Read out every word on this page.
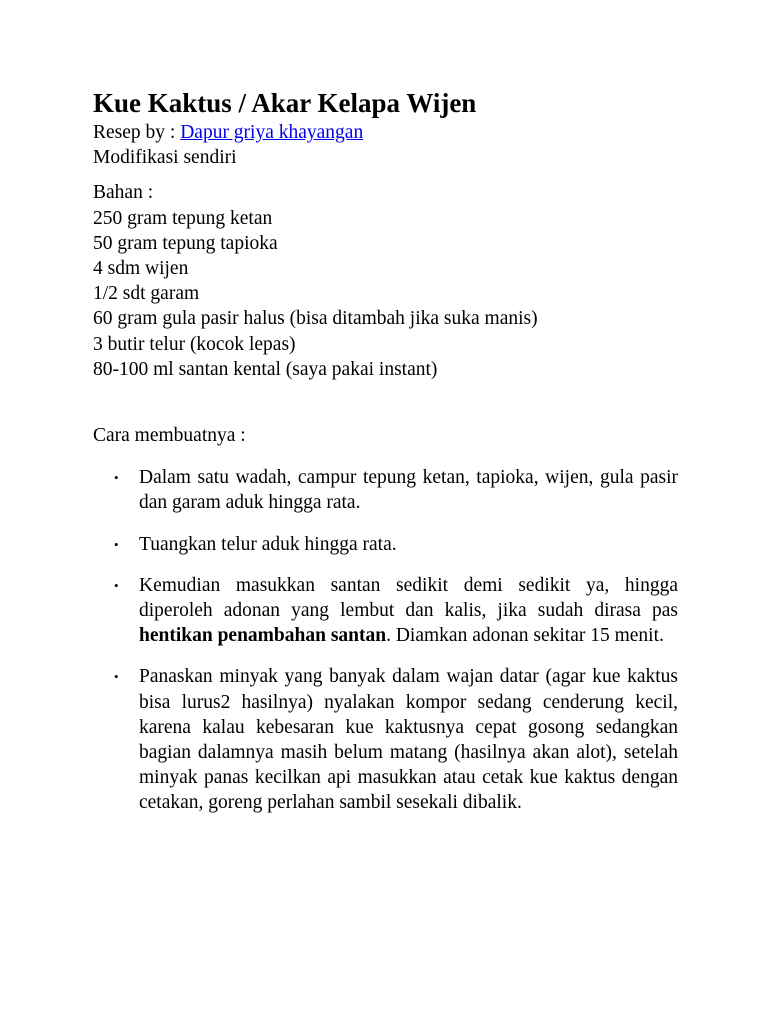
Kue Kaktus / Akar Kelapa Wijen
Resep by : Dapur griya khayangan
Modifikasi sendiri
Bahan :
250 gram tepung ketan
50 gram tepung tapioka
4 sdm wijen
1/2 sdt garam
60 gram gula pasir halus (bisa ditambah jika suka manis)
3 butir telur (kocok lepas)
80-100 ml santan kental (saya pakai instant)
Cara membuatnya :
• Dalam satu wadah, campur tepung ketan, tapioka, wijen, gula pasir dan garam aduk hingga rata.
• Tuangkan telur aduk hingga rata.
• Kemudian masukkan santan sedikit demi sedikit ya, hingga diperoleh adonan yang lembut dan kalis, jika sudah dirasa pas hentikan penambahan santan. Diamkan adonan sekitar 15 menit.
• Panaskan minyak yang banyak dalam wajan datar (agar kue kaktus bisa lurus2 hasilnya) nyalakan kompor sedang cenderung kecil, karena kalau kebesaran kue kaktusnya cepat gosong sedangkan bagian dalamnya masih belum matang (hasilnya akan alot), setelah minyak panas kecilkan api masukkan atau cetak kue kaktus dengan cetakan, goreng perlahan sambil sesekali dibalik.
